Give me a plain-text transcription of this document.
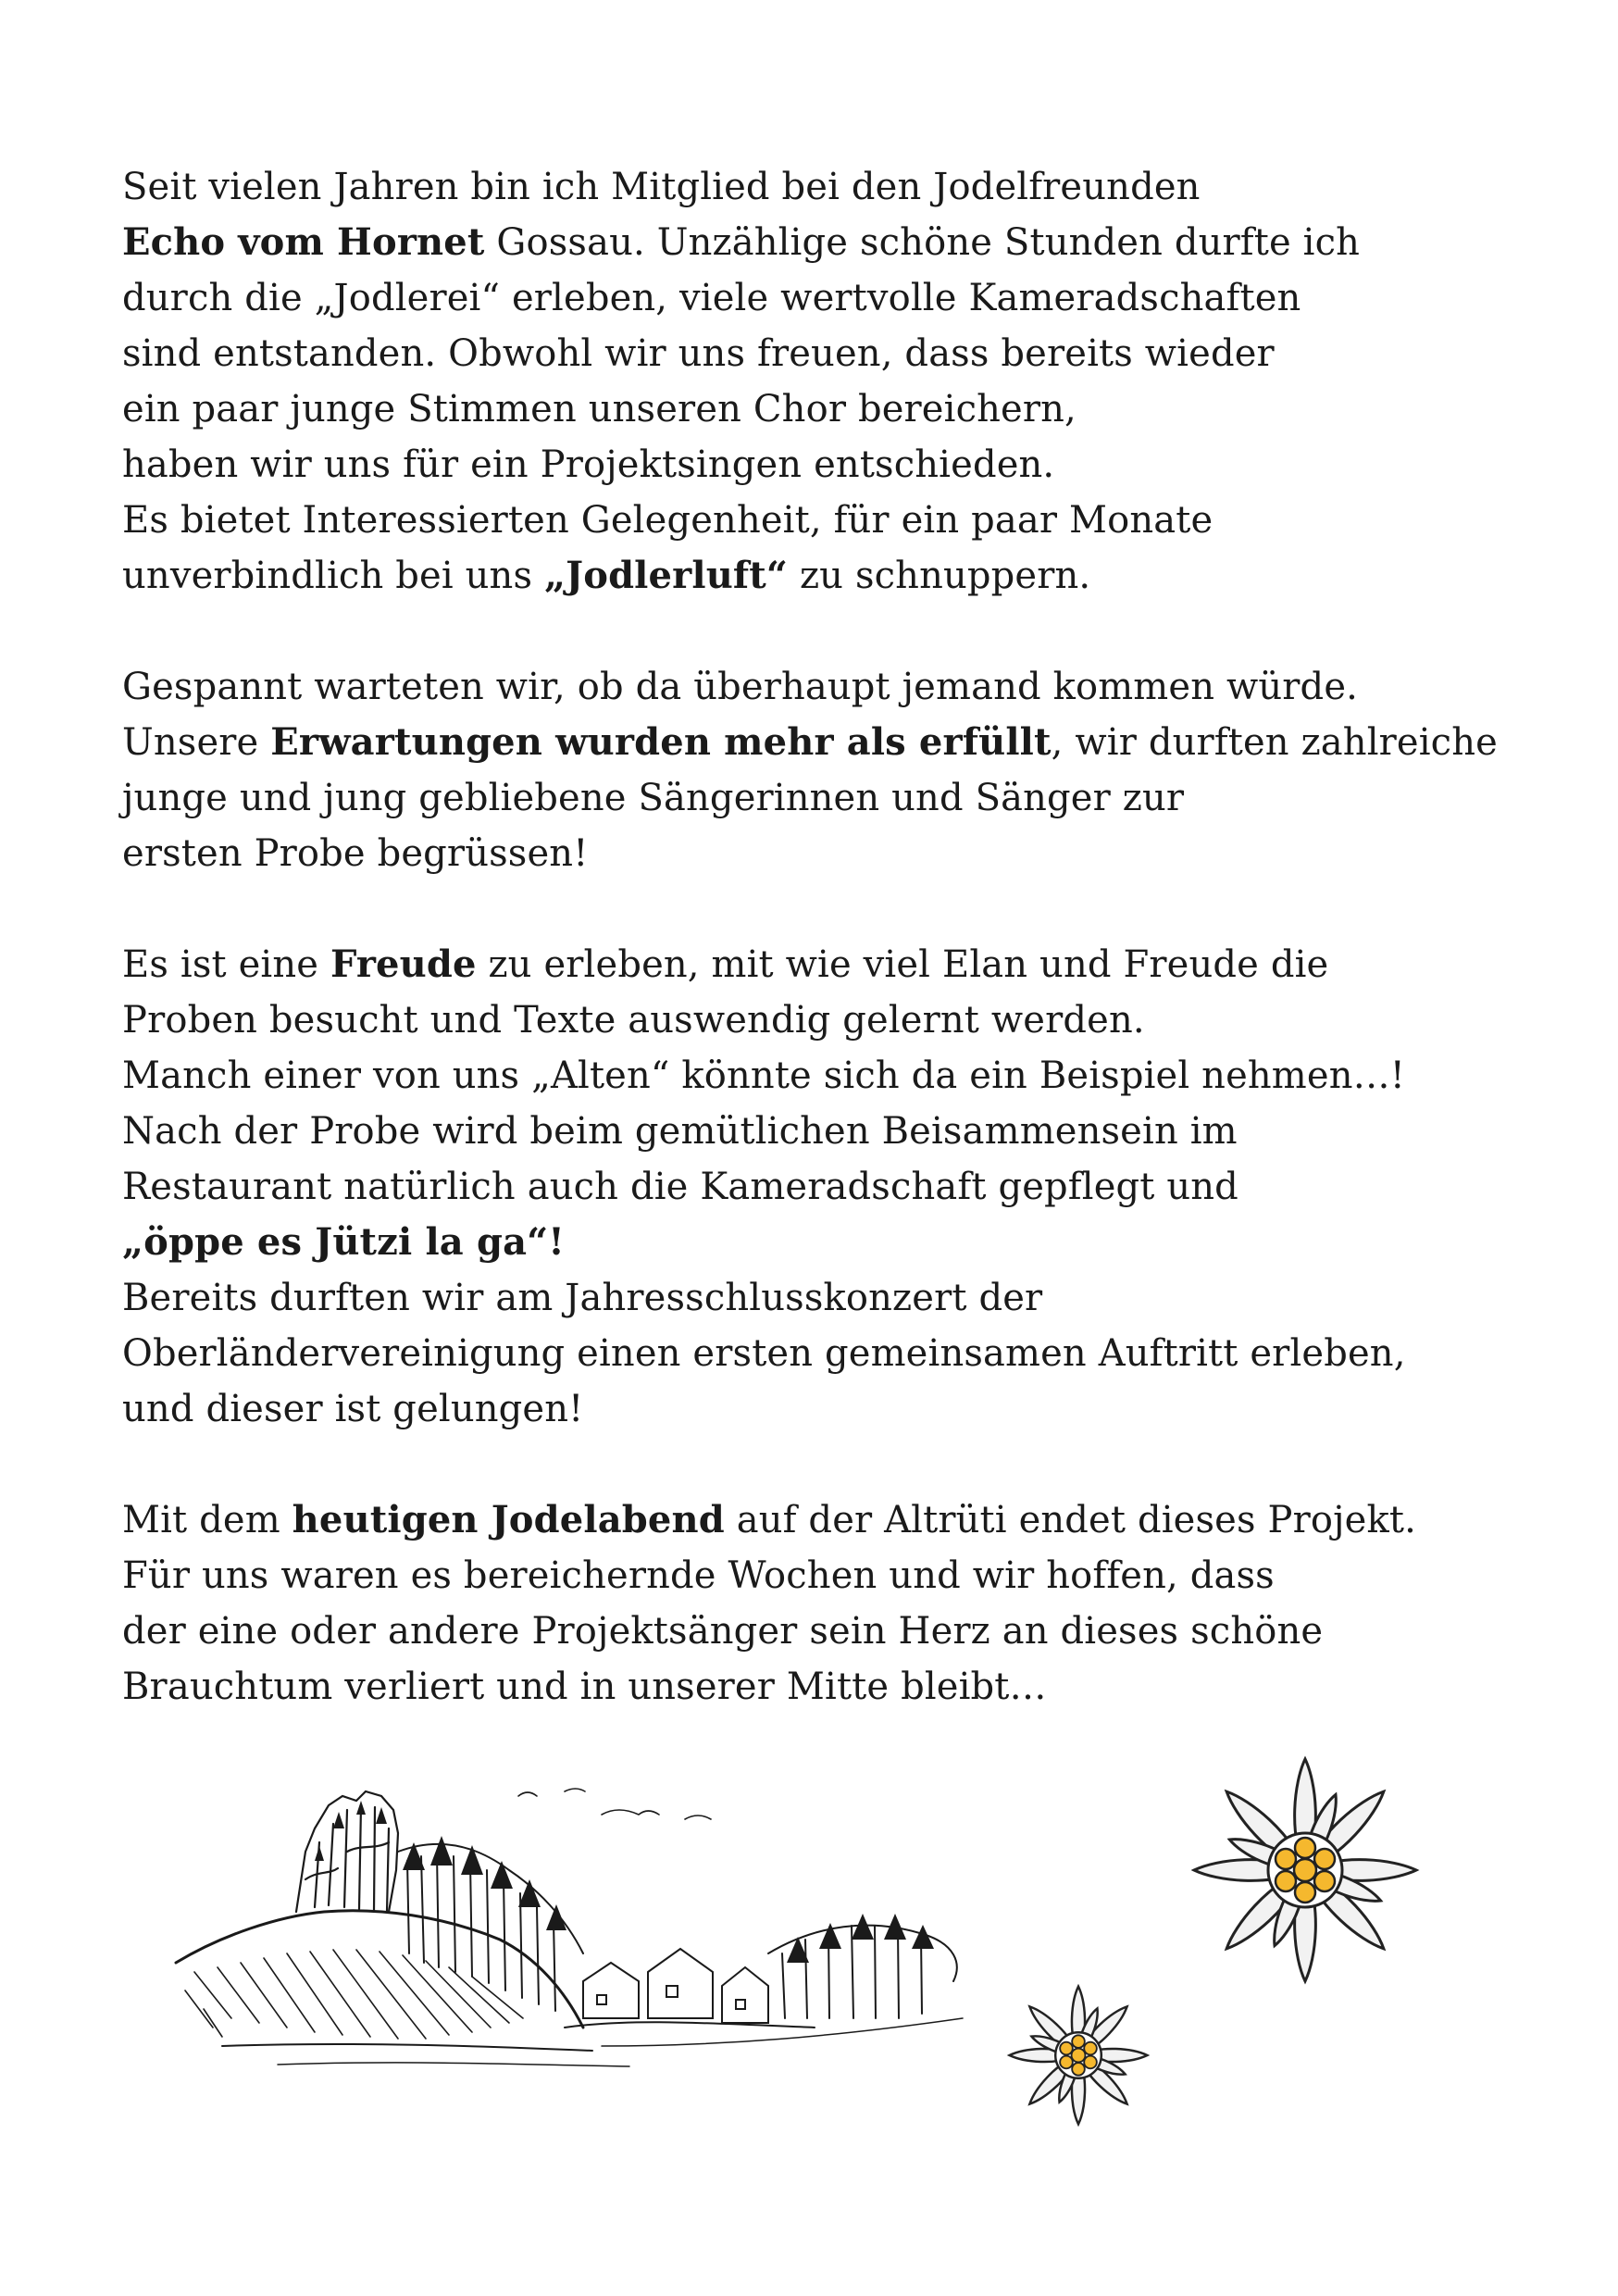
Seit vielen Jahren bin ich Mitglied bei den Jodelfreunden
Echo vom Hornet Gossau. Unzählige schöne Stunden durfte ich
durch die „Jodlerei“ erleben, viele wertvolle Kameradschaften
sind entstanden. Obwohl wir uns freuen, dass bereits wieder
ein paar junge Stimmen unseren Chor bereichern,
haben wir uns für ein Projektsingen entschieden.
Es bietet Interessierten Gelegenheit, für ein paar Monate
unverbindlich bei uns „Jodlerluft“ zu schnuppern.
Gespannt warteten wir, ob da überhaupt jemand kommen würde.
Unsere Erwartungen wurden mehr als erfüllt, wir durften zahlreiche
junge und jung gebliebene Sängerinnen und Sänger zur
ersten Probe begrüssen!
Es ist eine Freude zu erleben, mit wie viel Elan und Freude die
Proben besucht und Texte auswendig gelernt werden.
Manch einer von uns „Alten“ könnte sich da ein Beispiel nehmen…!
Nach der Probe wird beim gemütlichen Beisammensein im
Restaurant natürlich auch die Kameradschaft gepflegt und
„öppe es Jützi la ga“!
Bereits durften wir am Jahresschlusskonzert der
Oberländervereinigung einen ersten gemeinsamen Auftritt erleben,
und dieser ist gelungen!
Mit dem heutigen Jodelabend auf der Altrüti endet dieses Projekt.
Für uns waren es bereichernde Wochen und wir hoffen, dass
der eine oder andere Projektsänger sein Herz an dieses schöne
Brauchtum verliert und in unserer Mitte bleibt…
